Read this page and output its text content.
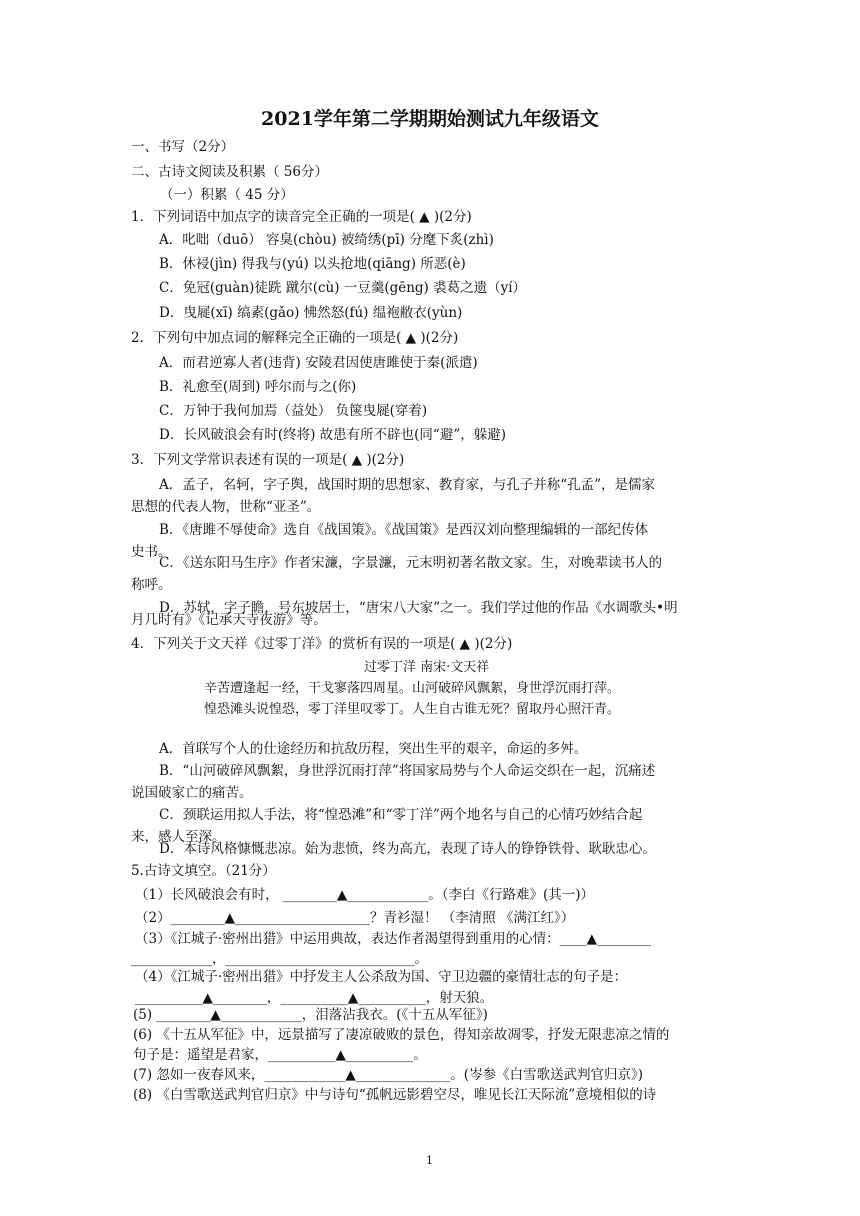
2021学年第二学期期始测试九年级语文
一、书写（2分）
二、古诗文阅读及积累（ 56分）
（一）积累（ 45 分）
1．下列词语中加点字的读音完全正确的一项是( ▲ )(2分)
A．叱咄（duō） 容臭(chòu) 被绮绣(pī) 分麾下炙(zhì)
B．休祲(jìn) 得我与(yú) 以头抢地(qiāng) 所恶(è)
C．免冠(guàn)徒跣 蹴尔(cù) 一豆羹(gēng) 裘葛之遗（yí）
D．曳屣(xī) 缟素(gǎo) 怫然怒(fú) 缊袍敝衣(yùn)
2．下列句中加点词的解释完全正确的一项是( ▲ )(2分)
A．而君逆寡人者(违背) 安陵君因使唐雎使于秦(派遣)
B．礼愈至(周到) 呼尔而与之(你)
C．万钟于我何加焉（益处） 负箧曳屣(穿着)
D．长风破浪会有时(终将) 故患有所不辟也(同“避”，躲避)
3．下列文学常识表述有误的一项是( ▲ )(2分)
A．孟子，名轲，字子舆，战国时期的思想家、教育家，与孔子并称“孔孟”，是儒家
思想的代表人物，世称“亚圣”。
B．《唐雎不辱使命》选自《战国策》。《战国策》是西汉刘向整理编辑的一部纪传体
史书。
C．《送东阳马生序》作者宋濂，字景濂，元末明初著名散文家。生，对晚辈读书人的
称呼。
D．苏轼，字子瞻，号东坡居士，“唐宋八大家”之一。我们学过他的作品《水调歌头•明
月几时有》《记承天寺夜游》等。
4．下列关于文天祥《过零丁洋》的赏析有误的一项是( ▲ )(2分)
过零丁洋 南宋·文天祥
辛苦遭逢起一经，干戈寥落四周星。山河破碎风飘絮，身世浮沉雨打萍。
惶恐滩头说惶恐，零丁洋里叹零丁。人生自古谁无死？留取丹心照汗青。
A．首联写个人的仕途经历和抗敌历程，突出生平的艰辛，命运的多舛。
B．“山河破碎风飘絮，身世浮沉雨打萍”将国家局势与个人命运交织在一起，沉痛述
说国破家亡的痛苦。
C．颈联运用拟人手法，将“惶恐滩”和“零丁洋”两个地名与自己的心情巧妙结合起
来，感人至深。
D．本诗风格慷慨悲凉。始为悲愤，终为高亢，表现了诗人的铮铮铁骨、耿耿忠心。
5.古诗文填空。（21分）
（1）长风破浪会有时， ________▲____________。（李白《行路难》(其一)）
（2）________▲____________________？青衫湿！ （李清照 《满江红》）
（3）《江城子·密州出猎》中运用典故，表达作者渴望得到重用的心情：____▲________
____________，____________________________。
（4）《江城子·密州出猎》中抒发主人公杀敌为国、守卫边疆的豪情壮志的句子是：
__________▲________，__________▲__________，射天狼。
(5) ________▲____________，泪落沾我衣。(《十五从军征》)
(6) 《十五从军征》中，远景描写了凄凉破败的景色，得知亲故凋零，抒发无限悲凉之情的
句子是：遥望是君家，__________▲__________。
(7) 忽如一夜春风来，____________▲______________。(岑参《白雪歌送武判官归京》)
(8) 《白雪歌送武判官归京》中与诗句“孤帆远影碧空尽，唯见长江天际流”意境相似的诗
1
